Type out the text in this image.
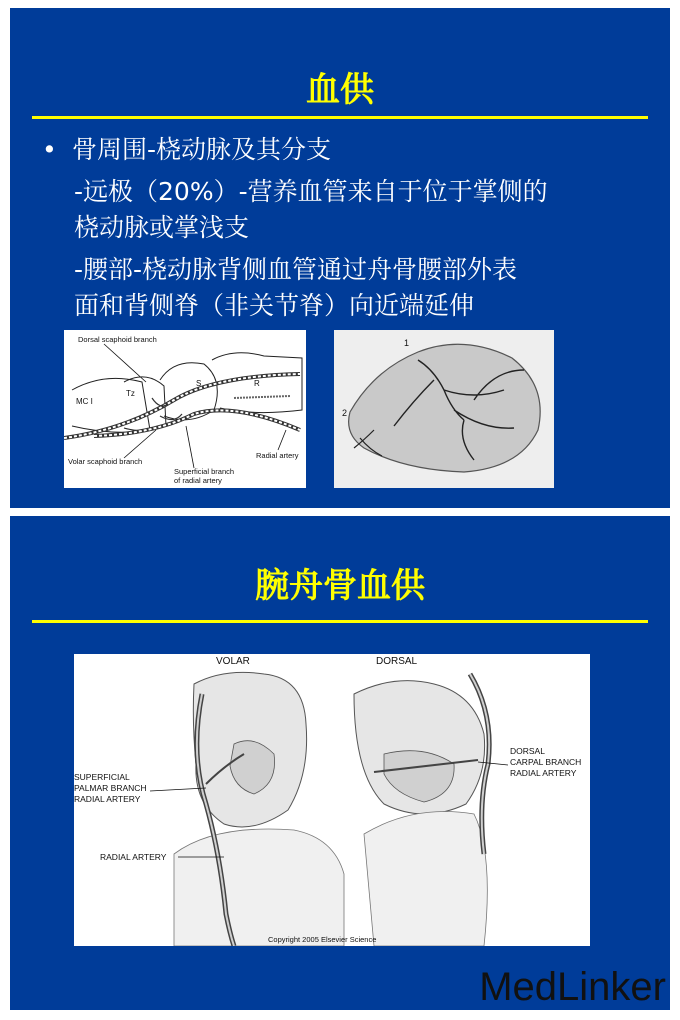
血供
• 骨周围-桡动脉及其分支
-远极（20%）-营养血管来自于位于掌侧的
桡动脉或掌浅支
-腰部-桡动脉背侧血管通过舟骨腰部外表
面和背侧脊（非关节脊）向近端延伸
Dorsal scaphoid branch
MC I
Tz
S	R
Volar scaphoid branch
Superficial branch
of radial artery
Radial artery
1
2
腕舟骨血供
VOLAR	DORSAL
SUPERFICIAL
PALMAR BRANCH
RADIAL ARTERY
RADIAL ARTERY
DORSAL
CARPAL BRANCH
RADIAL ARTERY
Copyright 2005 Elsevier Science
MedLinker
